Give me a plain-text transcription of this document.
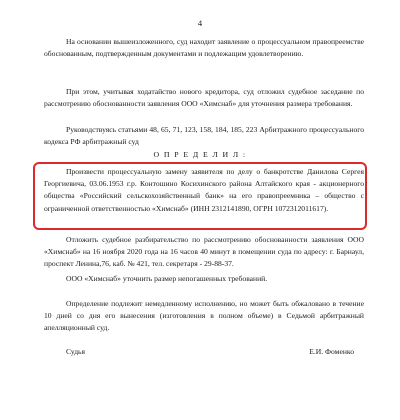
4

На основании вышеизложенного, суд находит заявление о процессуальном правопреемстве обоснованным, подтвержденным документами и подлежащим удовлетворению.

При этом, учитывая ходатайство нового кредитора, суд отложил судебное заседание по рассмотрению обоснованности заявления ООО «Химснаб» для уточнения размера требования.

Руководствуясь статьями 48, 65, 71, 123, 158, 184, 185, 223 Арбитражного процессуального кодекса РФ арбитражный суд

О П Р Е Д Е Л И Л :

Произвести процессуальную замену заявителя по делу о банкротстве Данилова Сергея Георгиевича, 03.06.1953 г.р. Контошино Косихинского района Алтайского края - акционерного общества «Российский сельскохозяйственный банк» на его правопреемника – общество с ограниченной ответственностью «Химснаб» (ИНН 2312141890, ОГРН 1072312011617).

Отложить судебное разбирательство по рассмотрению обоснованности заявления ООО «Химснаб» на 16 ноября 2020 года на 16 часов 40 минут в помещении суда по адресу: г. Барнаул, проспект Ленина,76, каб. № 421, тел. секретаря - 29-88-37.

ООО «Химснаб» уточнить размер непогашенных требований.

Определение подлежит немедленному исполнению, но может быть обжаловано в течение 10 дней со дня его вынесения (изготовления в полном объеме) в Седьмой арбитражный апелляционный суд.

Судья	Е.И. Фоменко
